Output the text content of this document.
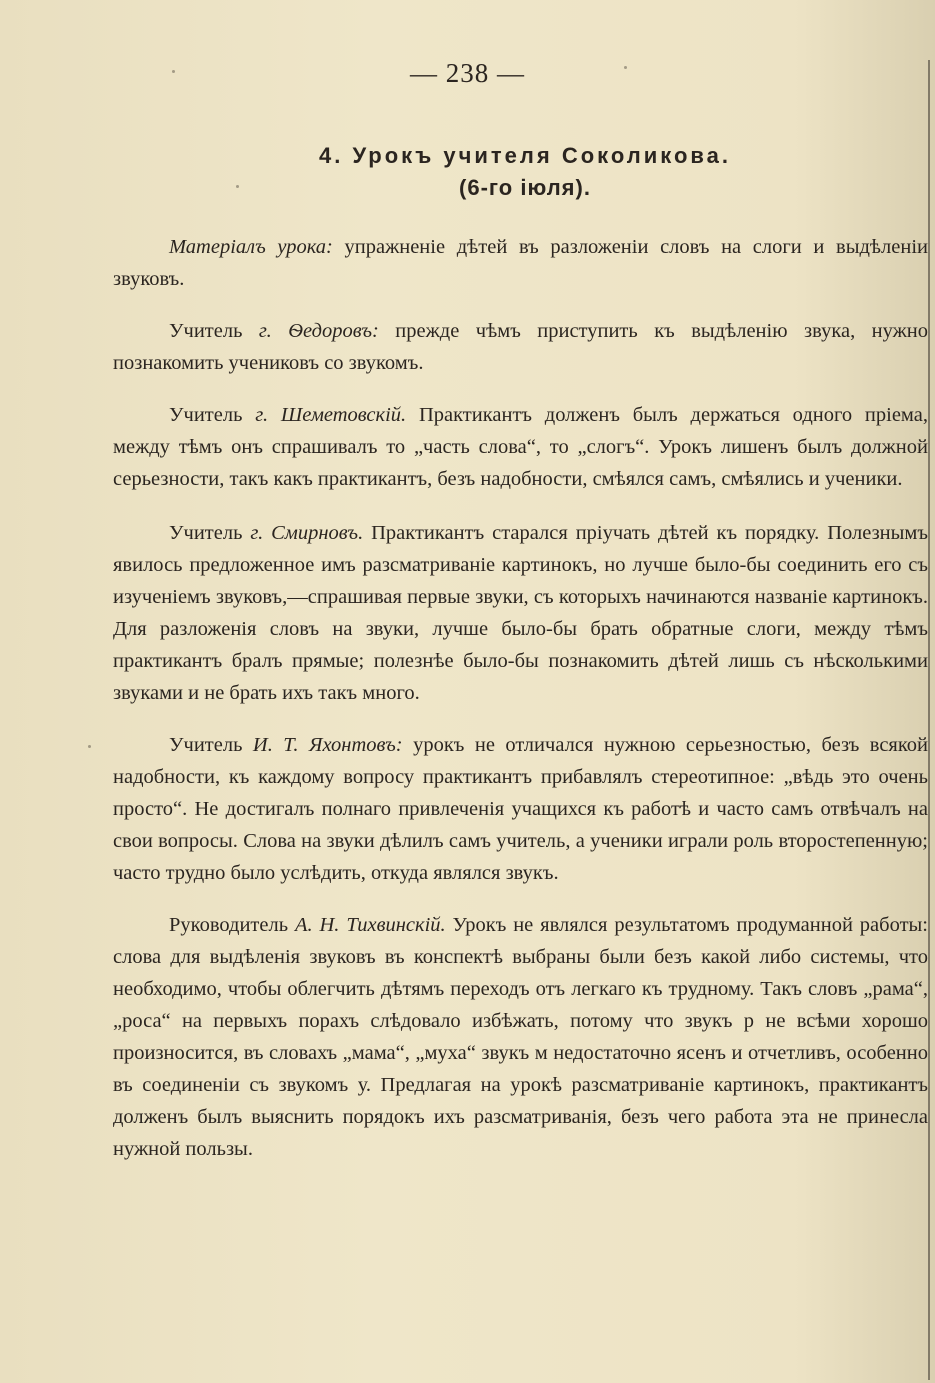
— 238 —
4. Урокъ учителя Соколикова.
(6-го іюля).

Матеріалъ урока: упражненіе дѣтей въ разложеніи словъ на слоги и выдѣленіи звуковъ.

Учитель г. Ѳедоровъ: прежде чѣмъ приступить къ выдѣленію звука, нужно познакомить учениковъ со звукомъ.

Учитель г. Шеметовскій. Практикантъ долженъ былъ держаться одного пріема, между тѣмъ онъ спрашивалъ то „часть слова“, то „слогъ“. Урокъ лишенъ былъ должной серьезности, такъ какъ практикантъ, безъ надобности, смѣялся самъ, смѣялись и ученики.

Учитель г. Смирновъ. Практикантъ старался пріучать дѣтей къ порядку. Полезнымъ явилось предложенное имъ разсматриваніе картинокъ, но лучше было-бы соединить его съ изученіемъ звуковъ,—спрашивая первые звуки, съ которыхъ начинаются названіе картинокъ. Для разложенія словъ на звуки, лучше было-бы брать обратные слоги, между тѣмъ практикантъ бралъ прямые; полезнѣе было-бы познакомить дѣтей лишь съ нѣсколькими звуками и не брать ихъ такъ много.

Учитель И. Т. Яхонтовъ: урокъ не отличался нужною серьезностью, безъ всякой надобности, къ каждому вопросу практикантъ прибавлялъ стереотипное: „вѣдь это очень просто“. Не достигалъ полнаго привлеченія учащихся къ работѣ и часто самъ отвѣчалъ на свои вопросы. Слова на звуки дѣлилъ самъ учитель, а ученики играли роль второстепенную; часто трудно было услѣдить, откуда являлся звукъ.

Руководитель А. Н. Тихвинскій. Урокъ не являлся результатомъ продуманной работы: слова для выдѣленія звуковъ въ конспектѣ выбраны были безъ какой либо системы, что необходимо, чтобы облегчить дѣтямъ переходъ отъ легкаго къ трудному. Такъ словъ „рама“, „роса“ на первыхъ порахъ слѣдовало избѣжать, потому что звукъ р не всѣми хорошо произносится, въ словахъ „мама“, „муха“ звукъ м недостаточно ясенъ и отчетливъ, особенно въ соединеніи съ звукомъ у. Предлагая на урокѣ разсматриваніе картинокъ, практикантъ долженъ былъ выяснить порядокъ ихъ разсматриванія, безъ чего работа эта не принесла нужной пользы.
